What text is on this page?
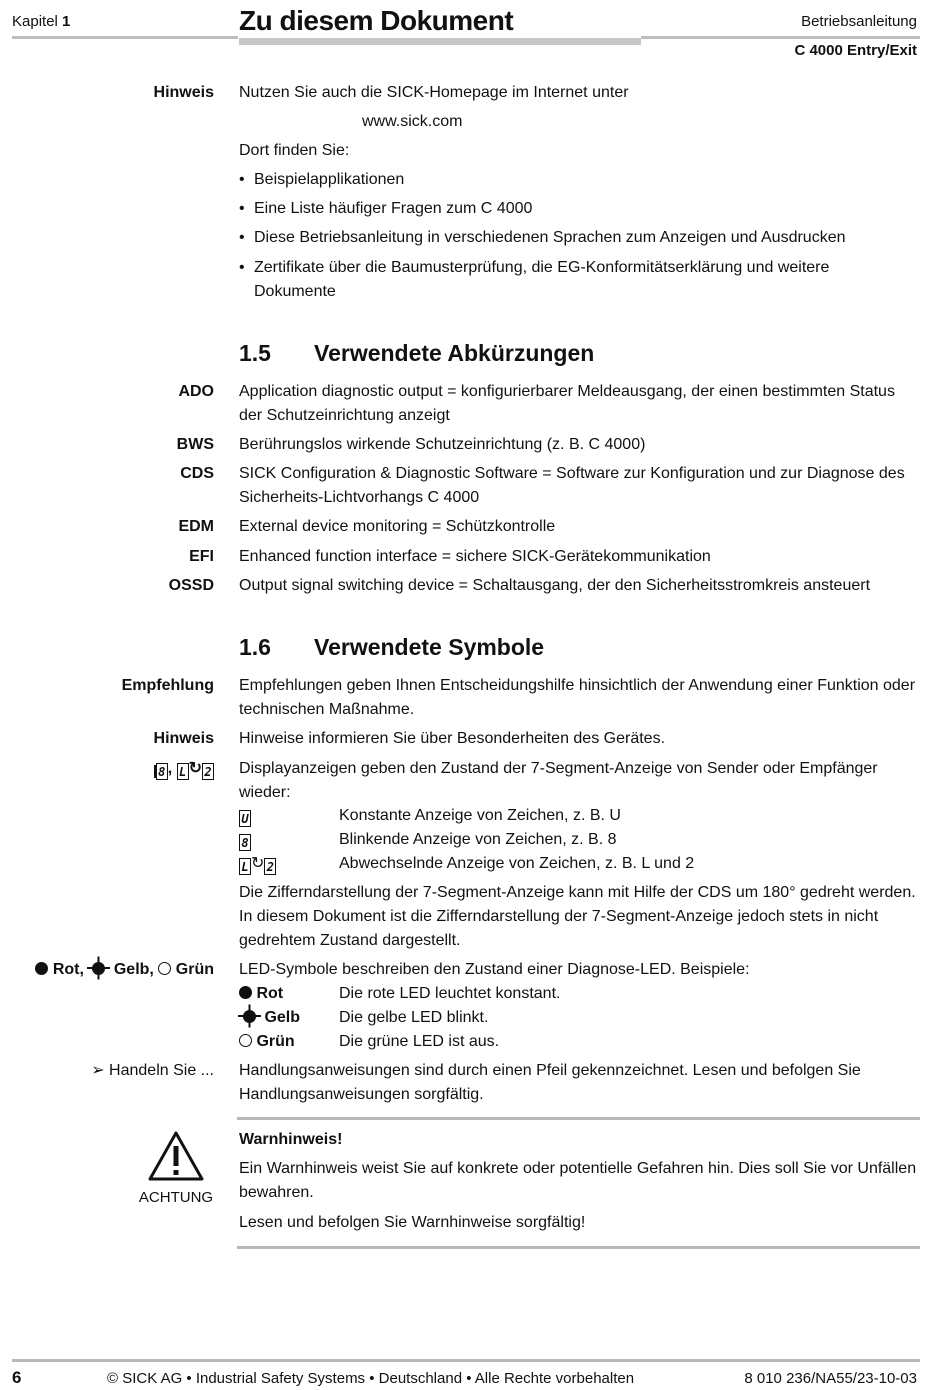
Kapitel 1	Zu diesem Dokument	Betriebsanleitung
C 4000 Entry/Exit
Hinweis Nutzen Sie auch die SICK-Homepage im Internet unter
www.sick.com
Dort finden Sie:
• Beispielapplikationen
• Eine Liste häufiger Fragen zum C 4000
• Diese Betriebsanleitung in verschiedenen Sprachen zum Anzeigen und Ausdrucken
• Zertifikate über die Baumusterprüfung, die EG-Konformitätserklärung und weitere Dokumente
1.5 Verwendete Abkürzungen
ADO Application diagnostic output = konfigurierbarer Meldeausgang, der einen bestimmten Status der Schutzeinrichtung anzeigt
BWS Berührungslos wirkende Schutzeinrichtung (z. B. C 4000)
CDS SICK Configuration & Diagnostic Software = Software zur Konfiguration und zur Diagnose des Sicherheits-Lichtvorhangs C 4000
EDM External device monitoring = Schützkontrolle
EFI Enhanced function interface = sichere SICK-Gerätekommunikation
OSSD Output signal switching device = Schaltausgang, der den Sicherheitsstromkreis ansteuert
1.6 Verwendete Symbole
Empfehlung Empfehlungen geben Ihnen Entscheidungshilfe hinsichtlich der Anwendung einer Funktion oder technischen Maßnahme.
Hinweis Hinweise informieren Sie über Besonderheiten des Gerätes.
8 , L ↻ 2 Displayanzeigen geben den Zustand der 7-Segment-Anzeige von Sender oder Empfänger wieder:
U	Konstante Anzeige von Zeichen, z. B. U
8	Blinkende Anzeige von Zeichen, z. B. 8
L ↻ 2	Abwechselnde Anzeige von Zeichen, z. B. L und 2
Die Zifferndarstellung der 7-Segment-Anzeige kann mit Hilfe der CDS um 180° gedreht werden. In diesem Dokument ist die Zifferndarstellung der 7-Segment-Anzeige jedoch stets in nicht gedrehtem Zustand dargestellt.
Rot, Gelb, Grün LED-Symbole beschreiben den Zustand einer Diagnose-LED. Beispiele:
Rot	Die rote LED leuchtet konstant.
Gelb Die gelbe LED blinkt.
Grün	Die grüne LED ist aus.
➢ Handeln Sie ... Handlungsanweisungen sind durch einen Pfeil gekennzeichnet. Lesen und befolgen Sie Handlungsanweisungen sorgfältig.
ACHTUNG
Warnhinweis!
Ein Warnhinweis weist Sie auf konkrete oder potentielle Gefahren hin. Dies soll Sie vor Unfällen bewahren.
Lesen und befolgen Sie Warnhinweise sorgfältig!
6	© SICK AG • Industrial Safety Systems • Deutschland • Alle Rechte vorbehalten	8 010 236/NA55/23-10-03
